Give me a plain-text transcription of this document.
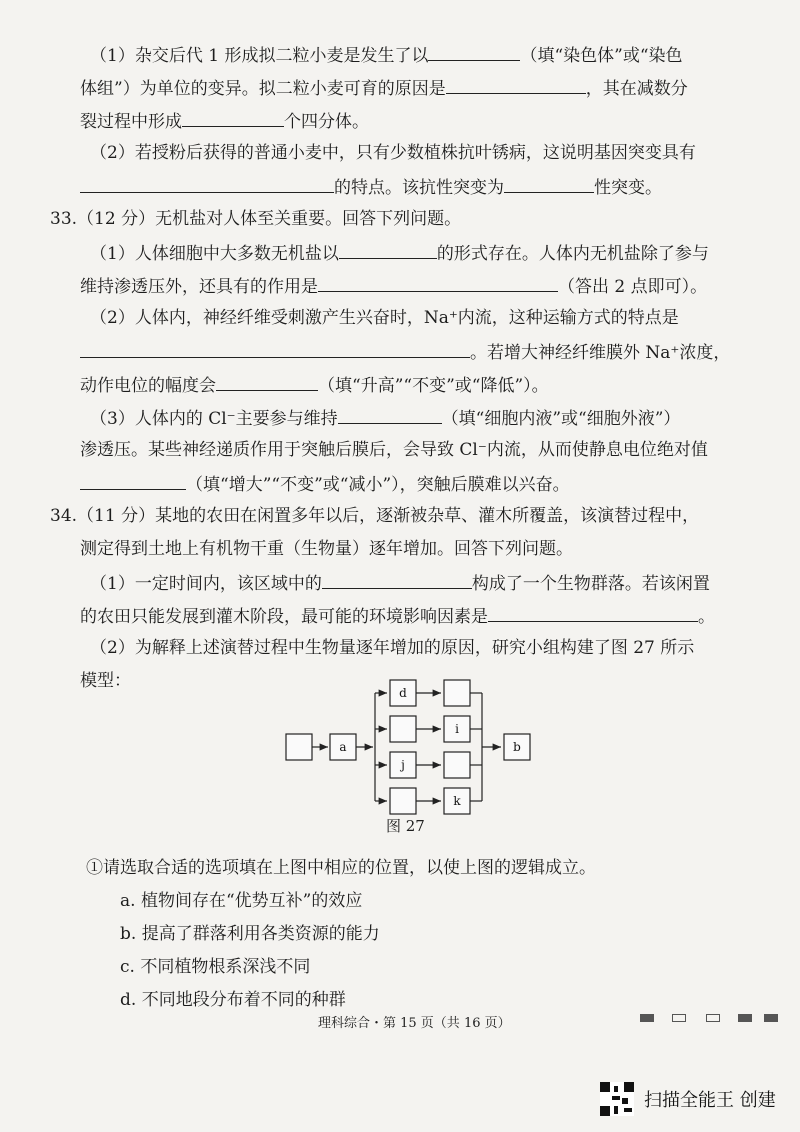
（1）杂交后代 1 形成拟二粒小麦是发生了以	（填“染色体”或“染色
体组”）为单位的变异。拟二粒小麦可育的原因是	，其在减数分
裂过程中形成	个四分体。
（2）若授粉后获得的普通小麦中，只有少数植株抗叶锈病，这说明基因突变具有
的特点。该抗性突变为	性突变。
33.（12 分）无机盐对人体至关重要。回答下列问题。
（1）人体细胞中大多数无机盐以	的形式存在。人体内无机盐除了参与
维持渗透压外，还具有的作用是	（答出 2 点即可）。
（2）人体内，神经纤维受刺激产生兴奋时，Na⁺内流，这种运输方式的特点是
。若增大神经纤维膜外 Na⁺浓度，
动作电位的幅度会	（填“升高”“不变”或“降低”）。
（3）人体内的 Cl⁻主要参与维持	（填“细胞内液”或“细胞外液”）
渗透压。某些神经递质作用于突触后膜后，会导致 Cl⁻内流，从而使静息电位绝对值
（填“增大”“不变”或“减小”），突触后膜难以兴奋。
34.（11 分）某地的农田在闲置多年以后，逐渐被杂草、灌木所覆盖，该演替过程中，
测定得到土地上有机物干重（生物量）逐年增加。回答下列问题。
（1）一定时间内，该区域中的	构成了一个生物群落。若该闲置
的农田只能发展到灌木阶段，最可能的环境影响因素是	。
（2）为解释上述演替过程中生物量逐年增加的原因，研究小组构建了图 27 所示
模型：
a	b
d
i
j
k
图 27
①请选取合适的选项填在上图中相应的位置，以使上图的逻辑成立。
a. 植物间存在“优势互补”的效应
b. 提高了群落利用各类资源的能力
c. 不同植物根系深浅不同
d. 不同地段分布着不同的种群
理科综合・第 15 页（共 16 页）
扫描全能王 创建
